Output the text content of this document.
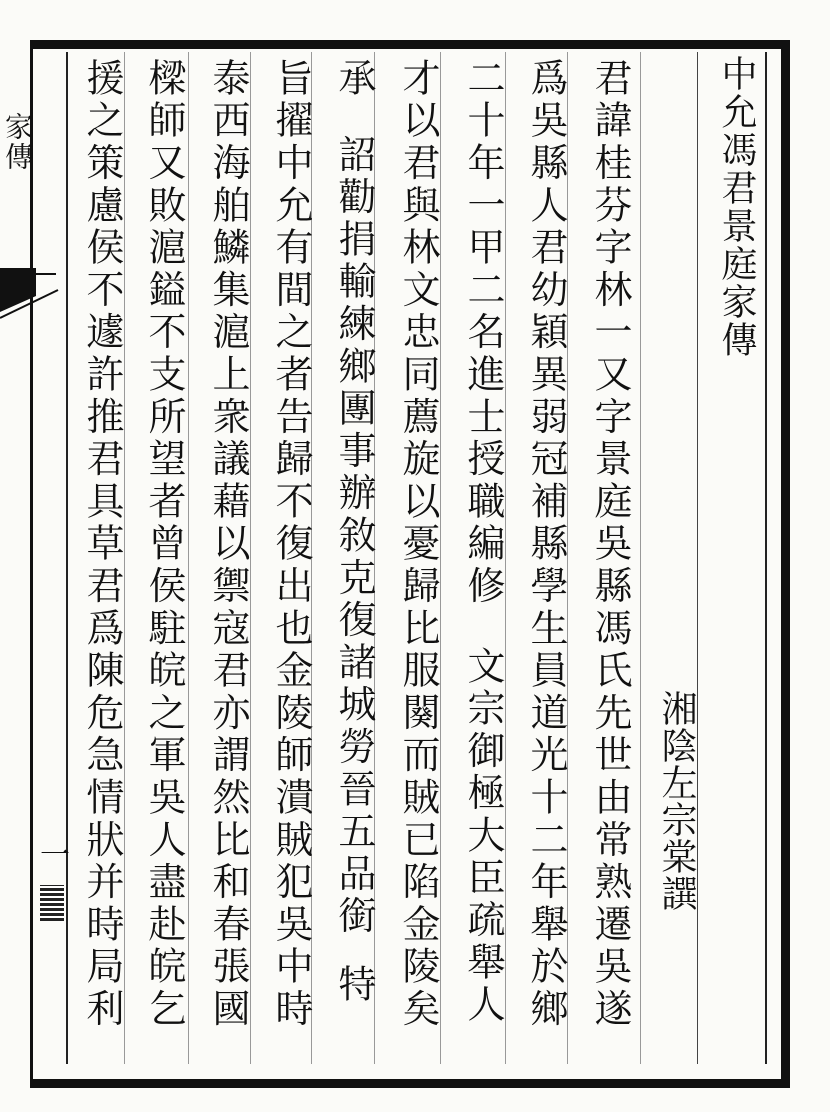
中允馮君景庭家傳
湘陰左宗棠譔
君諱桂芬字林一又字景庭吳縣馮氏先世由常熟遷吳遂
爲吳縣人君幼穎異弱冠補縣學生員道光十二年舉於鄉
二十年一甲二名進士授職編修文宗御極大臣疏舉人
才以君與林文忠同薦旋以憂歸比服闋而賊已陷金陵矣
承詔勸捐輸練鄉團事辦敘克復諸城勞晉五品銜特
旨擢中允有間之者告歸不復出也金陵師潰賊犯吳中時
泰西海舶鱗集滬上衆議藉以禦寇君亦謂然比和春張國
樑師又敗滬鎰不支所望者曾侯駐皖之軍吳人盡赴皖乞
援之策慮侯不遽許推君具草君爲陳危急情狀并時局利
家傳
一
